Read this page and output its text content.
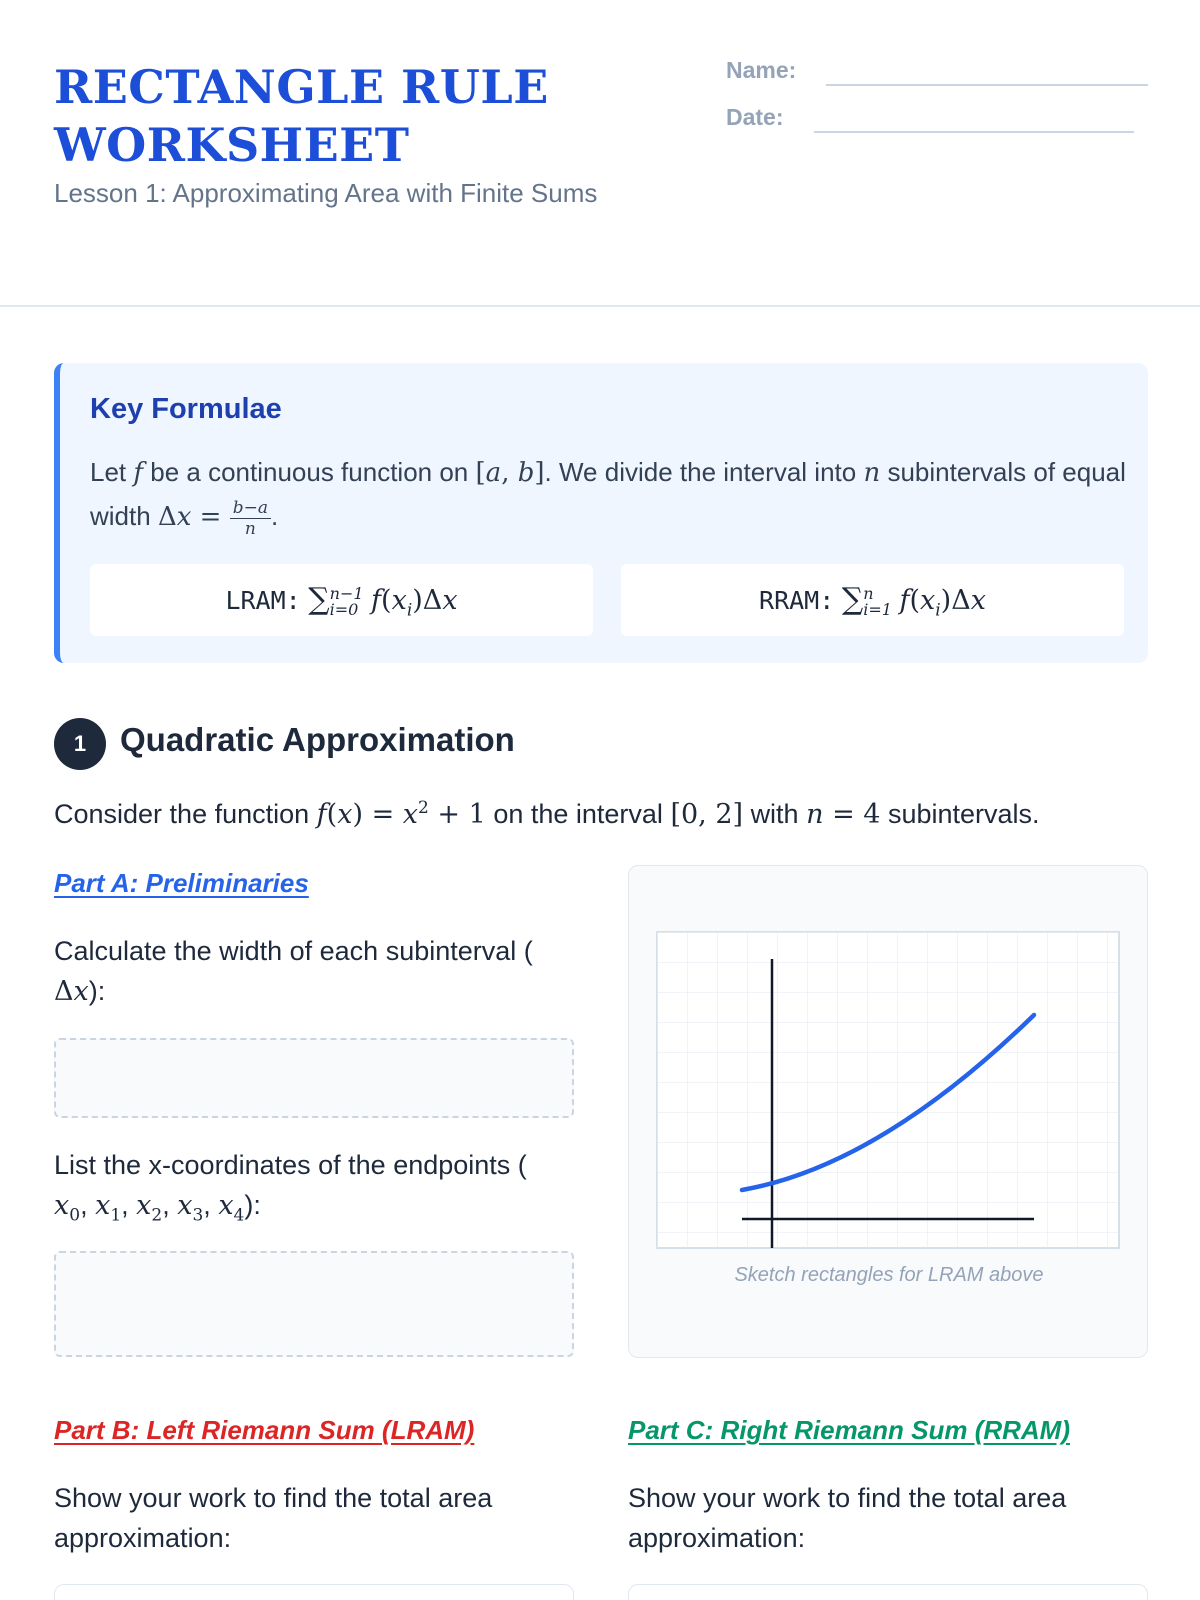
RECTANGLE RULE WORKSHEET
Lesson 1: Approximating Area with Finite Sums
Name:
Date:
Key Formulae
Let f be a continuous function on [a, b]. We divide the interval into n subintervals of equal width $\Delta x = \frac{b-a}{n}$ .
LRAM: ∑ n−1
i=0 $f(x_i)\Delta x$	RRAM: ∑ n
i=1 $f(x_i)\Delta x$
1	Quadratic Approximation
Consider the function $f(x) = x^2 + 1$ on the interval [0, 2] with n = 4 subintervals.
Part A: Preliminaries
Calculate the width of each subinterval (
Δx):
List the x-coordinates of the endpoints (
$x_0$, $x_1$, $x_2$, $x_3$, $x_4$):
Sketch rectangles for LRAM above
Part B: Left Riemann Sum (LRAM)
Show your work to find the total area approximation:
Part C: Right Riemann Sum (RRAM)
Show your work to find the total area approximation:
